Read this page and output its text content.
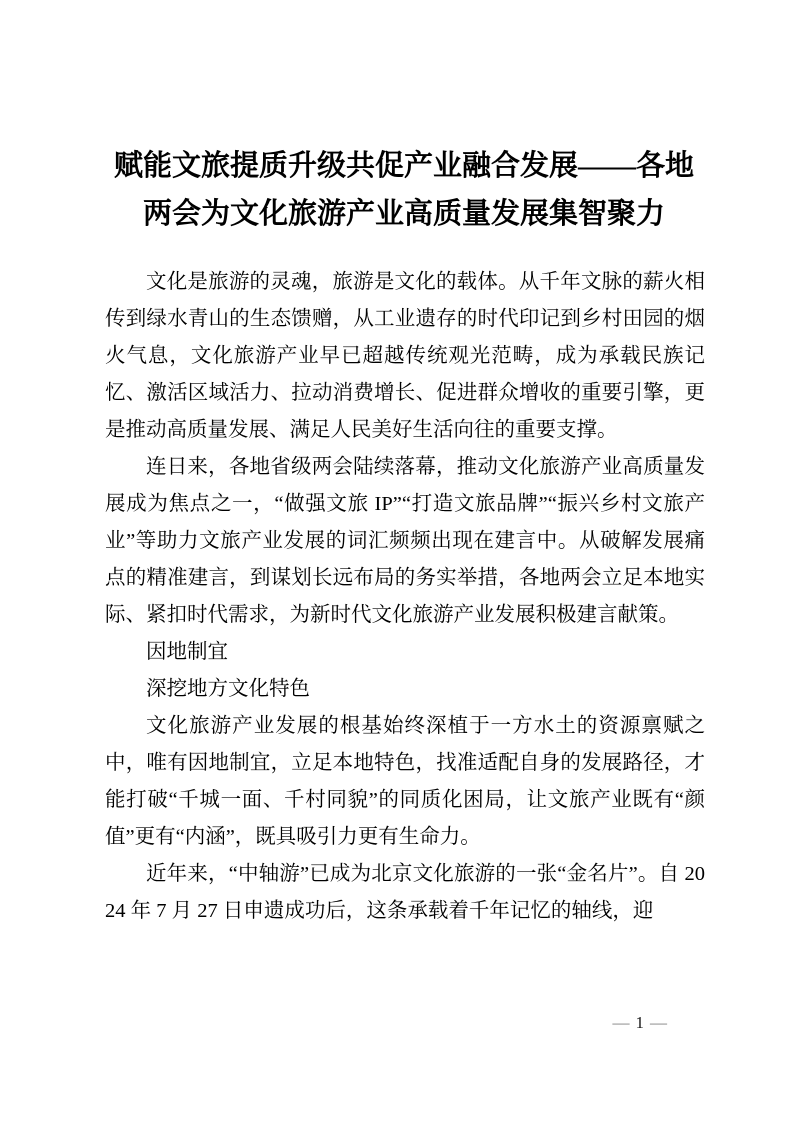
赋能文旅提质升级共促产业融合发展——各地
两会为文化旅游产业高质量发展集智聚力

文化是旅游的灵魂，旅游是文化的载体。从千年文脉的薪火相传到绿水青山的生态馈赠，从工业遗存的时代印记到乡村田园的烟火气息，文化旅游产业早已超越传统观光范畴，成为承载民族记忆、激活区域活力、拉动消费增长、促进群众增收的重要引擎，更是推动高质量发展、满足人民美好生活向往的重要支撑。

连日来，各地省级两会陆续落幕，推动文化旅游产业高质量发展成为焦点之一，“做强文旅 IP”“打造文旅品牌”“振兴乡村文旅产业”等助力文旅产业发展的词汇频频出现在建言中。从破解发展痛点的精准建言，到谋划长远布局的务实举措，各地两会立足本地实际、紧扣时代需求，为新时代文化旅游产业发展积极建言献策。

因地制宜

深挖地方文化特色

文化旅游产业发展的根基始终深植于一方水土的资源禀赋之中，唯有因地制宜，立足本地特色，找准适配自身的发展路径，才能打破“千城一面、千村同貌”的同质化困局，让文旅产业既有“颜值”更有“内涵”，既具吸引力更有生命力。

近年来，“中轴游”已成为北京文化旅游的一张“金名片”。自 2024 年 7 月 27 日申遗成功后，这条承载着千年记忆的轴线，迎

— 1 —
